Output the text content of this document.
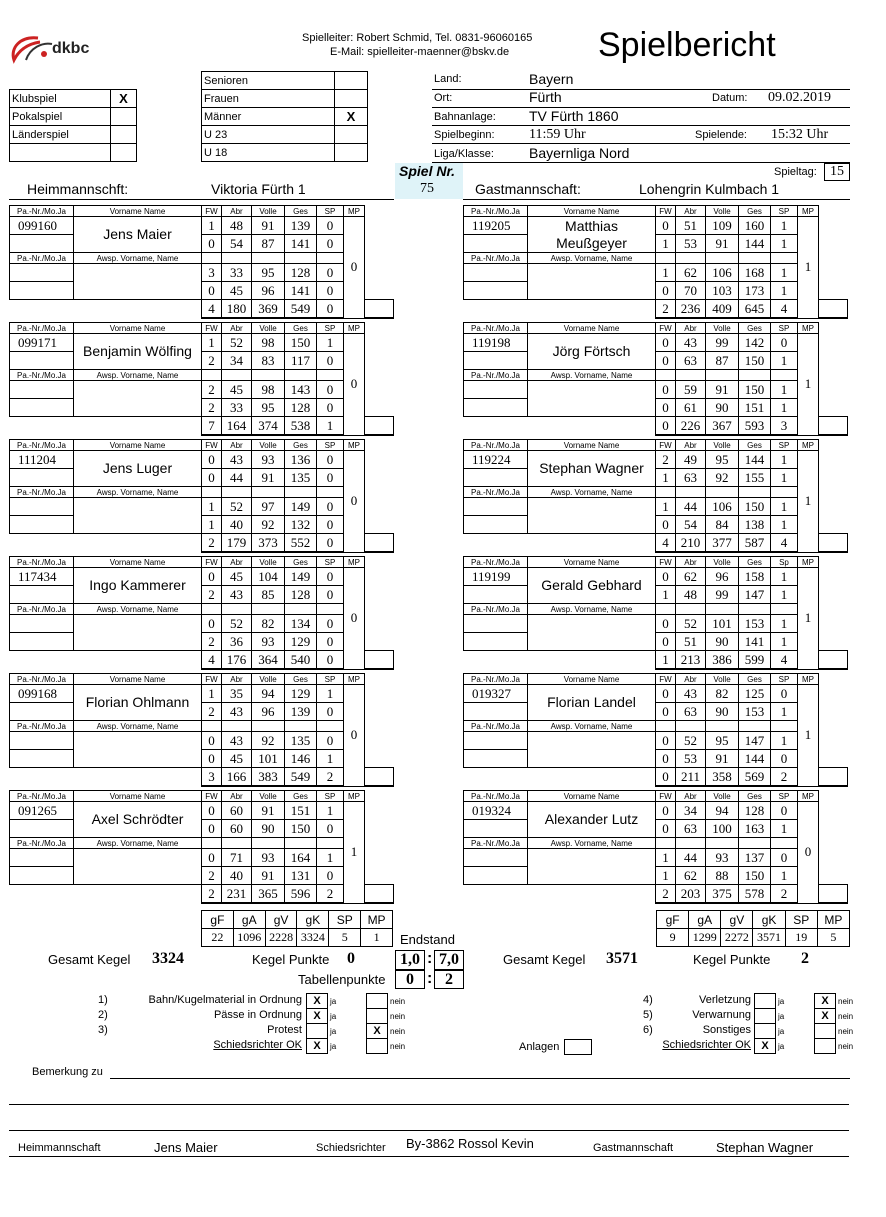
dkbc
Spielleiter: Robert Schmid, Tel. 0831-96060165
E-Mail: spielleiter-maenner@bskv.de	Spielbericht
Klubspiel	X
Pokalspiel	
Länderspiel	

Senioren	
Frauen	
Männer	X
U 23	
U 18	
Land:	Bayern
Ort:	Fürth	Datum: 09.02.2019
Bahnanlage: TV Fürth 1860
Spielbeginn: 11:59 Uhr	Spielende: 15:32 Uhr
Liga/Klasse:	Bayernliga Nord
Spiel Nr.
75
Spieltag: 15
Heimmannschft:	Viktoria Fürth 1	Gastmannschaft:	Lohengrin Kulmbach 1
Pa.-Nr./Mo.Ja	Vorname Name	FW	Abr	Volle	Ges	SP	MP	
099160	Jens Maier	1	48	91	139	0	0	
		0	54	87	141	0		
Pa.-Nr./Mo.Ja	Awsp. Vorname, Name							
		3	33	95	128	0		
		0	45	96	141	0		
		4	180	369	549	0		
Pa.-Nr./Mo.Ja	Vorname Name	FW	Abr	Volle	Ges	SP	MP	
119205	Matthias Meußgeyer	0	51	109	160	1	1	
		1	53	91	144	1		
Pa.-Nr./Mo.Ja	Awsp. Vorname, Name							
		1	62	106	168	1		
		0	70	103	173	1		
		2	236	409	645	4		
Pa.-Nr./Mo.Ja	Vorname Name	FW	Abr	Volle	Ges	SP	MP	
099171	Benjamin Wölfing	1	52	98	150	1	0	
		2	34	83	117	0		
Pa.-Nr./Mo.Ja	Awsp. Vorname, Name							
		2	45	98	143	0		
		2	33	95	128	0		
		7	164	374	538	1		
Pa.-Nr./Mo.Ja	Vorname Name	FW	Abr	Volle	Ges	SP	MP	
119198	Jörg Förtsch	0	43	99	142	0	1	
		0	63	87	150	1		
Pa.-Nr./Mo.Ja	Awsp. Vorname, Name							
		0	59	91	150	1		
		0	61	90	151	1		
		0	226	367	593	3		
Pa.-Nr./Mo.Ja	Vorname Name	FW	Abr	Volle	Ges	SP	MP	
111204	Jens Luger	0	43	93	136	0	0	
		0	44	91	135	0		
Pa.-Nr./Mo.Ja	Awsp. Vorname, Name							
		1	52	97	149	0		
		1	40	92	132	0		
		2	179	373	552	0		
Pa.-Nr./Mo.Ja	Vorname Name	FW	Abr	Volle	Ges	SP	MP	
119224	Stephan Wagner	2	49	95	144	1	1	
		1	63	92	155	1		
Pa.-Nr./Mo.Ja	Awsp. Vorname, Name							
		1	44	106	150	1		
		0	54	84	138	1		
		4	210	377	587	4		
Pa.-Nr./Mo.Ja	Vorname Name	FW	Abr	Volle	Ges	SP	MP	
117434	Ingo Kammerer	0	45	104	149	0	0	
		2	43	85	128	0		
Pa.-Nr./Mo.Ja	Awsp. Vorname, Name							
		0	52	82	134	0		
		2	36	93	129	0		
		4	176	364	540	0		
Pa.-Nr./Mo.Ja	Vorname Name	FW	Abr	Volle	Ges	Sp	MP	
119199	Gerald Gebhard	0	62	96	158	1	1	
		1	48	99	147	1		
Pa.-Nr./Mo.Ja	Awsp. Vorname, Name							
		0	52	101	153	1		
		0	51	90	141	1		
		1	213	386	599	4		
Pa.-Nr./Mo.Ja	Vorname Name	FW	Abr	Volle	Ges	SP	MP	
099168	Florian Ohlmann	1	35	94	129	1	0	
		2	43	96	139	0		
Pa.-Nr./Mo.Ja	Awsp. Vorname, Name							
		0	43	92	135	0		
		0	45	101	146	1		
		3	166	383	549	2		
Pa.-Nr./Mo.Ja	Vorname Name	FW	Abr	Volle	Ges	SP	MP	
019327	Florian Landel	0	43	82	125	0	1	
		0	63	90	153	1		
Pa.-Nr./Mo.Ja	Awsp. Vorname, Name							
		0	52	95	147	1		
		0	53	91	144	0		
		0	211	358	569	2		
Pa.-Nr./Mo.Ja	Vorname Name	FW	Abr	Volle	Ges	SP	MP	
091265	Axel Schrödter	0	60	91	151	1	1	
		0	60	90	150	0		
Pa.-Nr./Mo.Ja	Awsp. Vorname, Name							
		0	71	93	164	1		
		2	40	91	131	0		
		2	231	365	596	2		
Pa.-Nr./Mo.Ja	Vorname Name	FW	Abr	Volle	Ges	SP	MP	
019324	Alexander Lutz	0	34	94	128	0	0	
		0	63	100	163	1		
Pa.-Nr./Mo.Ja	Awsp. Vorname, Name							
		1	44	93	137	0		
		1	62	88	150	1		
		2	203	375	578	2		
gF	gA	gV	gK	SP	MP
22	1096	2228	3324	5	1
gF	gA	gV	gK	SP	MP
9	1299	2272	3571	19	5
Endstand
Gesamt Kegel 3324	Kegel Punkte 0	1,0 : 7,0	Gesamt Kegel 3571	Kegel Punkte 2
Tabellenpunkte	0 : 2
1)	Bahn/Kugelmaterial in Ordnung	X	ja	nein
2)	Pässe in Ordnung	X	ja	nein
3)	Protest	ja	X	nein
Schiedsrichter OK	X	ja	nein
4)	Verletzung	ja	X	nein
5)	Verwarnung	ja	X	nein
6)	Sonstiges	ja	nein
Schiedsrichter OK X	ja	nein
Anlagen
Bemerkung zu
Heimmannschaft	Jens Maier	Schiedsrichter By-3862 Rossol Kevin	Gastmannschaft	Stephan Wagner
